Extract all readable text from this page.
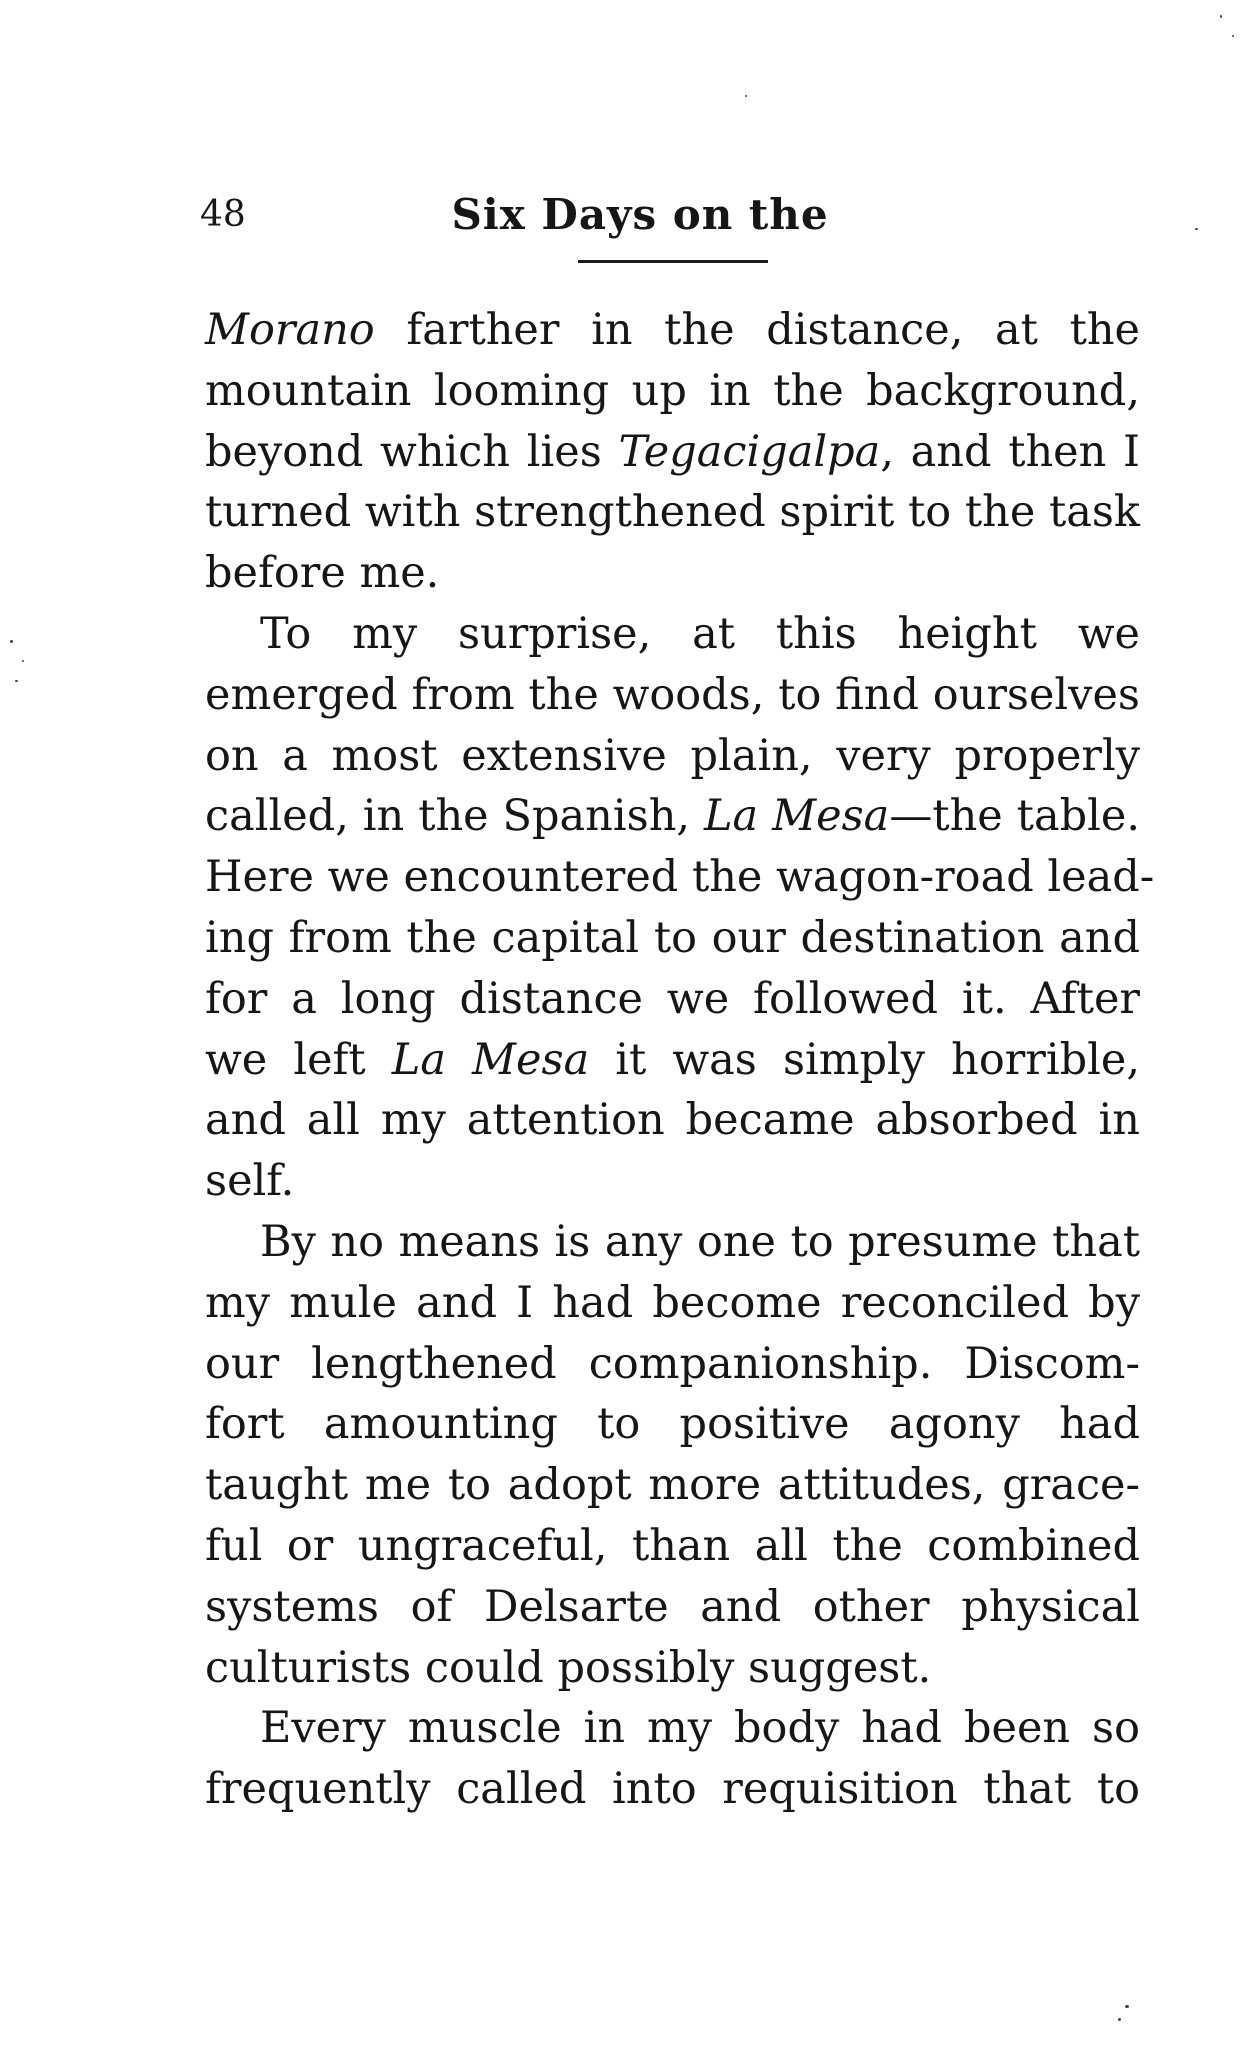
48	Six Days on the
Morano farther in the distance, at the
mountain looming up in the background,
beyond which lies Tegacigalpa, and then I
turned with strengthened spirit to the task
before me.
To my surprise, at this height we
emerged from the woods, to find ourselves
on a most extensive plain, very properly
called, in the Spanish, La Mesa—the table.
Here we encountered the wagon-road lead-
ing from the capital to our destination and
for a long distance we followed it. After
we left La Mesa it was simply horrible,
and all my attention became absorbed in
self.
By no means is any one to presume that
my mule and I had become reconciled by
our lengthened companionship. Discom-
fort amounting to positive agony had
taught me to adopt more attitudes, grace-
ful or ungraceful, than all the combined
systems of Delsarte and other physical
culturists could possibly suggest.
Every muscle in my body had been so
frequently called into requisition that to
